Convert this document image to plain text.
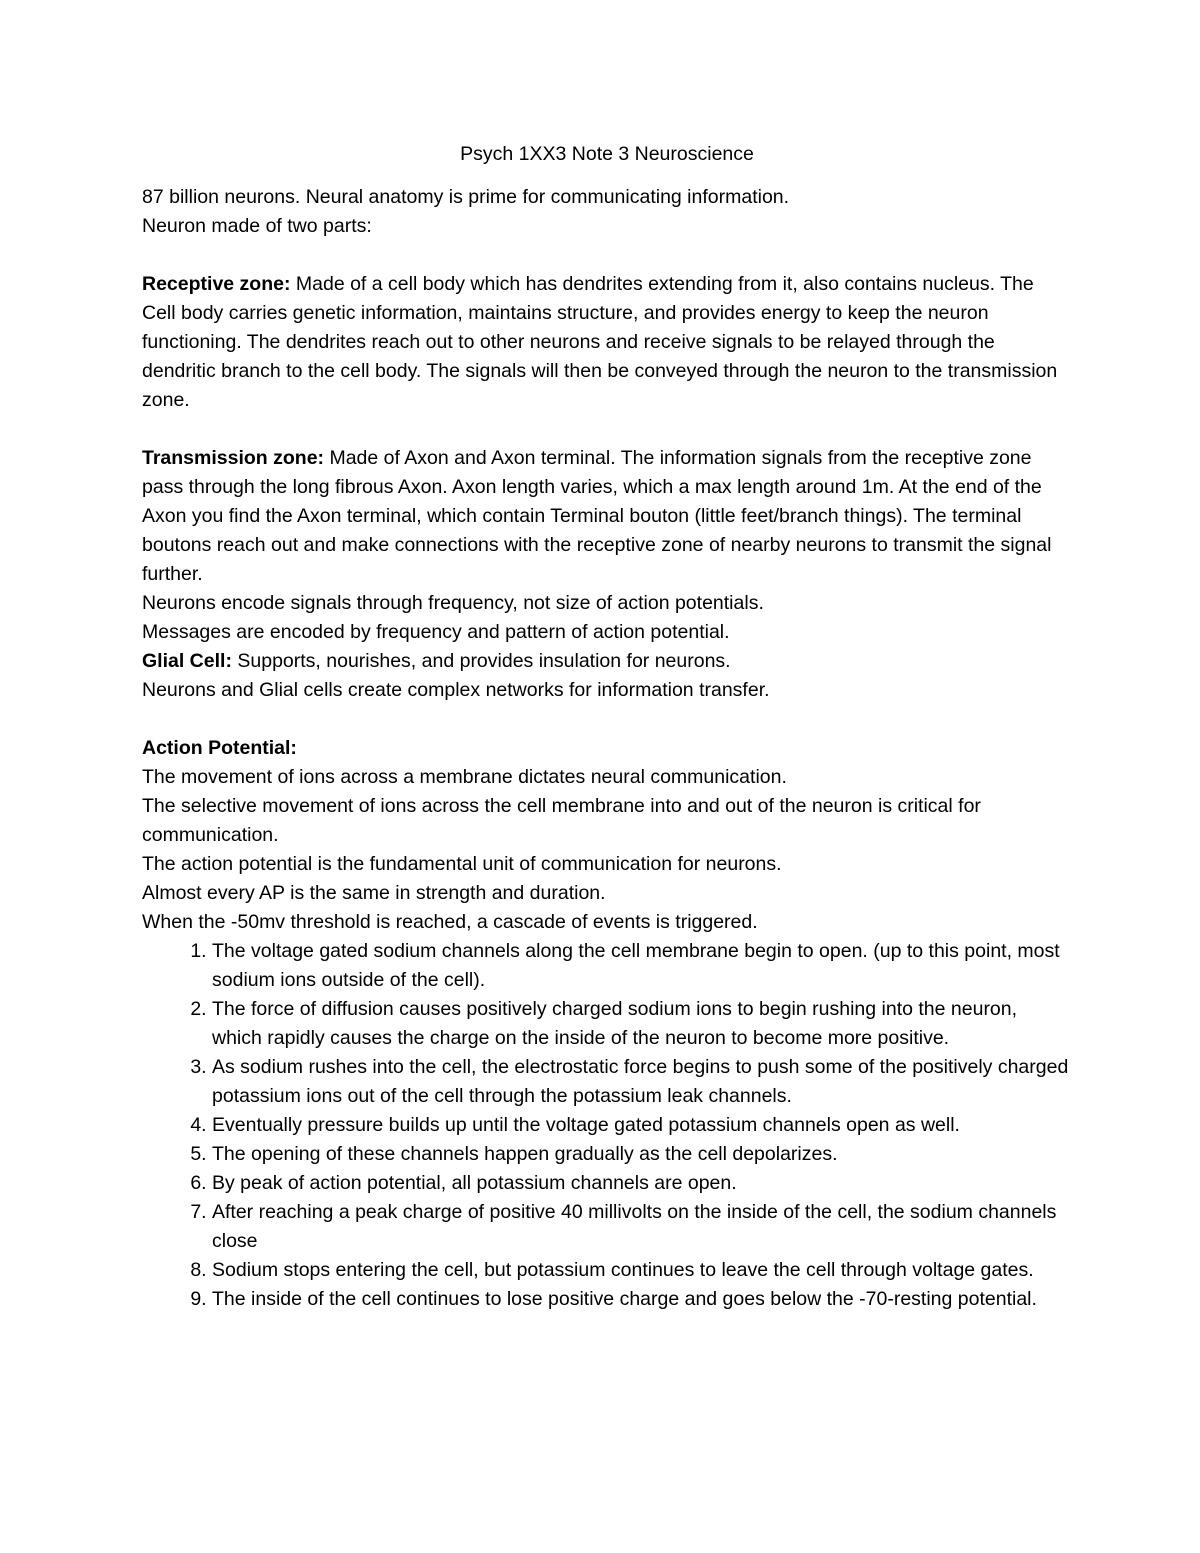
Psych 1XX3 Note 3 Neuroscience

87 billion neurons. Neural anatomy is prime for communicating information.

Neuron made of two parts:

Receptive zone: Made of a cell body which has dendrites extending from it, also contains nucleus. The Cell body carries genetic information, maintains structure, and provides energy to keep the neuron functioning. The dendrites reach out to other neurons and receive signals to be relayed through the dendritic branch to the cell body. The signals will then be conveyed through the neuron to the transmission zone.

Transmission zone: Made of Axon and Axon terminal. The information signals from the receptive zone pass through the long fibrous Axon. Axon length varies, which a max length around 1m. At the end of the Axon you find the Axon terminal, which contain Terminal bouton (little feet/branch things). The terminal boutons reach out and make connections with the receptive zone of nearby neurons to transmit the signal further.

Neurons encode signals through frequency, not size of action potentials.

Messages are encoded by frequency and pattern of action potential.

Glial Cell: Supports, nourishes, and provides insulation for neurons.

Neurons and Glial cells create complex networks for information transfer.

Action Potential:

The movement of ions across a membrane dictates neural communication.

The selective movement of ions across the cell membrane into and out of the neuron is critical for communication.

The action potential is the fundamental unit of communication for neurons.

Almost every AP is the same in strength and duration.

When the -50mv threshold is reached, a cascade of events is triggered.

1. The voltage gated sodium channels along the cell membrane begin to open. (up to this point, most sodium ions outside of the cell).
2. The force of diffusion causes positively charged sodium ions to begin rushing into the neuron, which rapidly causes the charge on the inside of the neuron to become more positive.
3. As sodium rushes into the cell, the electrostatic force begins to push some of the positively charged potassium ions out of the cell through the potassium leak channels.
4. Eventually pressure builds up until the voltage gated potassium channels open as well.
5. The opening of these channels happen gradually as the cell depolarizes.
6. By peak of action potential, all potassium channels are open.
7. After reaching a peak charge of positive 40 millivolts on the inside of the cell, the sodium channels close
8. Sodium stops entering the cell, but potassium continues to leave the cell through voltage gates.
9. The inside of the cell continues to lose positive charge and goes below the -70-resting potential.
